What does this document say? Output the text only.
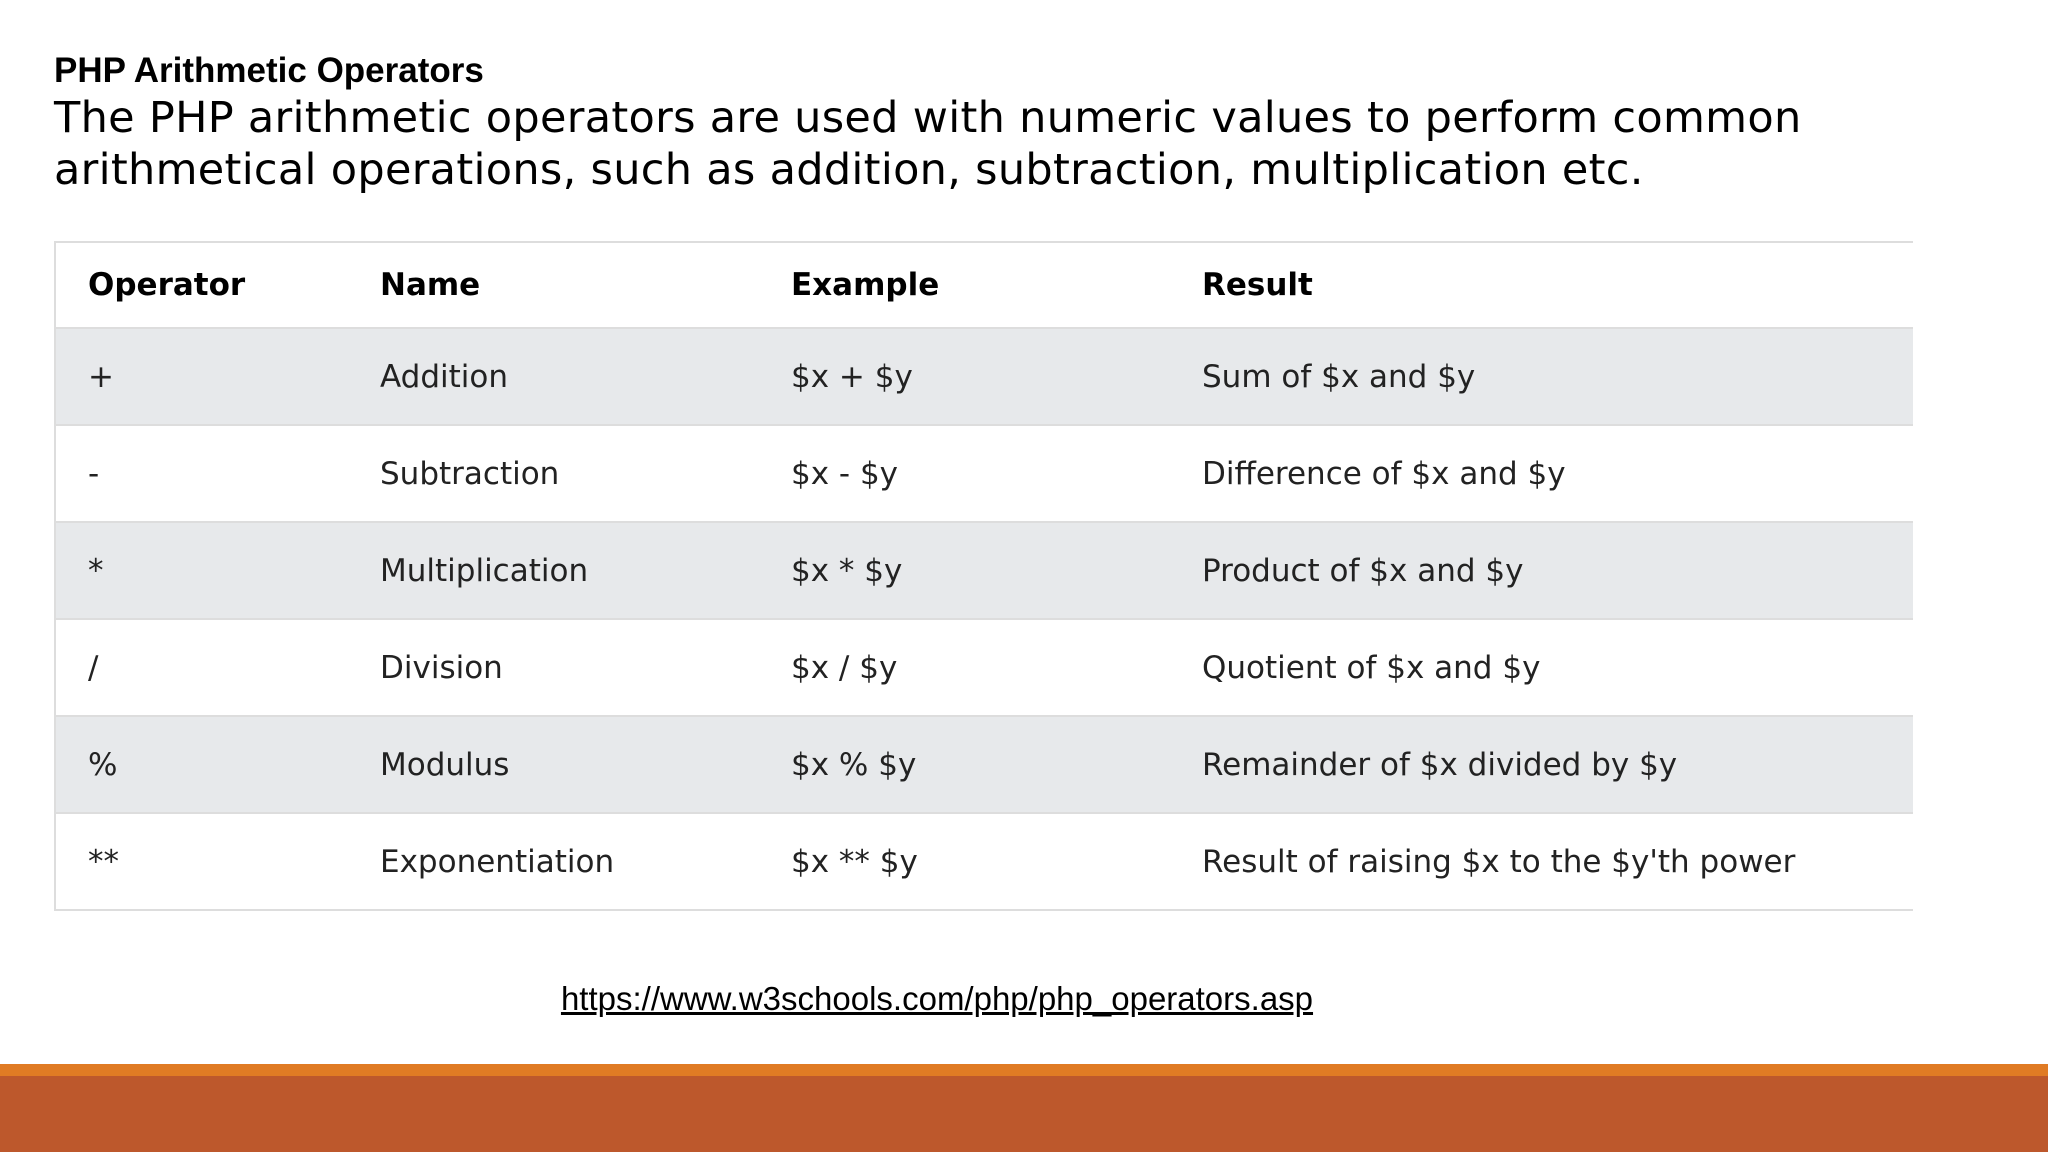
PHP Arithmetic Operators
The PHP arithmetic operators are used with numeric values to perform common arithmetical operations, such as addition, subtraction, multiplication etc.
Operator	Name	Example	Result
+	Addition	$x + $y	Sum of $x and $y
-	Subtraction	$x - $y	Difference of $x and $y
*	Multiplication	$x * $y	Product of $x and $y
/	Division	$x / $y	Quotient of $x and $y
%	Modulus	$x % $y	Remainder of $x divided by $y
**	Exponentiation	$x ** $y	Result of raising $x to the $y'th power
https://www.w3schools.com/php/php_operators.asp
